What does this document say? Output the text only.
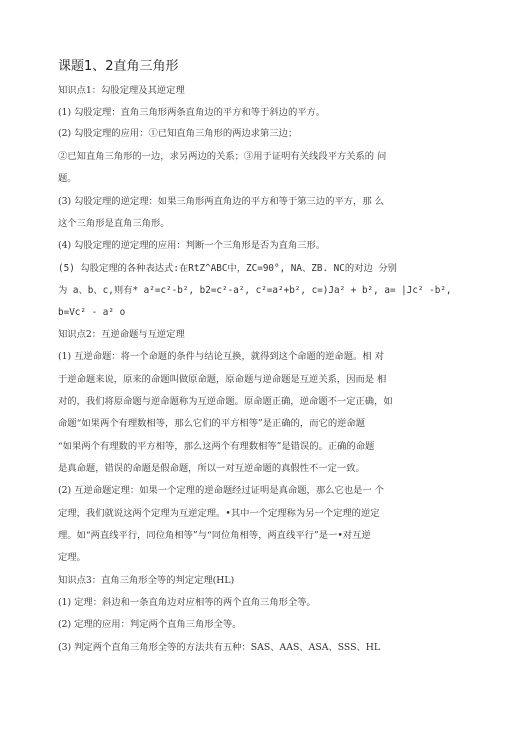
课题1、2直角三角形
知识点1：勾股定理及其逆定理
(1) 勾股定理：直角三角形两条直角边的平方和等于斜边的平方。
(2) 勾股定理的应用：①已知直角三角形的两边求第三边；
②已知直角三角形的一边，求另两边的关系；③用于证明有关线段平方关系的 问
题。
(3) 勾股定理的逆定理：如果三角形两直角边的平方和等于第三边的平方，那 么
这个三角形是直角三角形。
(4) 勾股定理的逆定理的应用：判断一个三角形是否为直角三形。
(5) 勾股定理的各种表达式:在RtZ^ABC中，ZC=90°, NA、ZB. NC的对边 分别
为 a、b、c,则有* a²=c²-b², b2=c²-a², c²=a²+b², c=)Ja² + b², a= |Jc² -b²,
b=Vc² - a² o
知识点2：互逆命题与互逆定理
(1) 互逆命题：将一个命题的条件与结论互换，就得到这个命题的逆命题。相 对
于逆命题来说，原来的命题叫做原命题，原命题与逆命题是互逆关系，因而是 相
对的，我们将原命题与逆命题称为互逆命题。原命题正确，逆命题不一定正确，如
命题“如果两个有理数相等，那么它们的平方相等”是正确的，而它的逆命题
“如果两个有理数的平方相等，那么这两个有理数相等”是错误的。正确的命题
是真命题，错误的命题是假命题，所以一对互逆命题的真假性不一定一致。
(2) 互逆命题定理：如果一个定理的逆命题经过证明是真命题，那么它也是一 个
定理，我们就说这两个定理为互逆定理。•其中一个定理称为另一个定理的逆定
理。如“两直线平行，同位角相等”与“同位角相等，两直线平行”是一•对互逆
定理。
知识点3：直角三角形全等的判定定理(HL)
(1) 定理：斜边和一条直角边对应相等的两个直角三角形全等。
(2) 定理的应用：判定两个直角三角形全等。
(3) 判定两个直角三角形全等的方法共有五种：SAS、AAS、ASA、SSS、HL
